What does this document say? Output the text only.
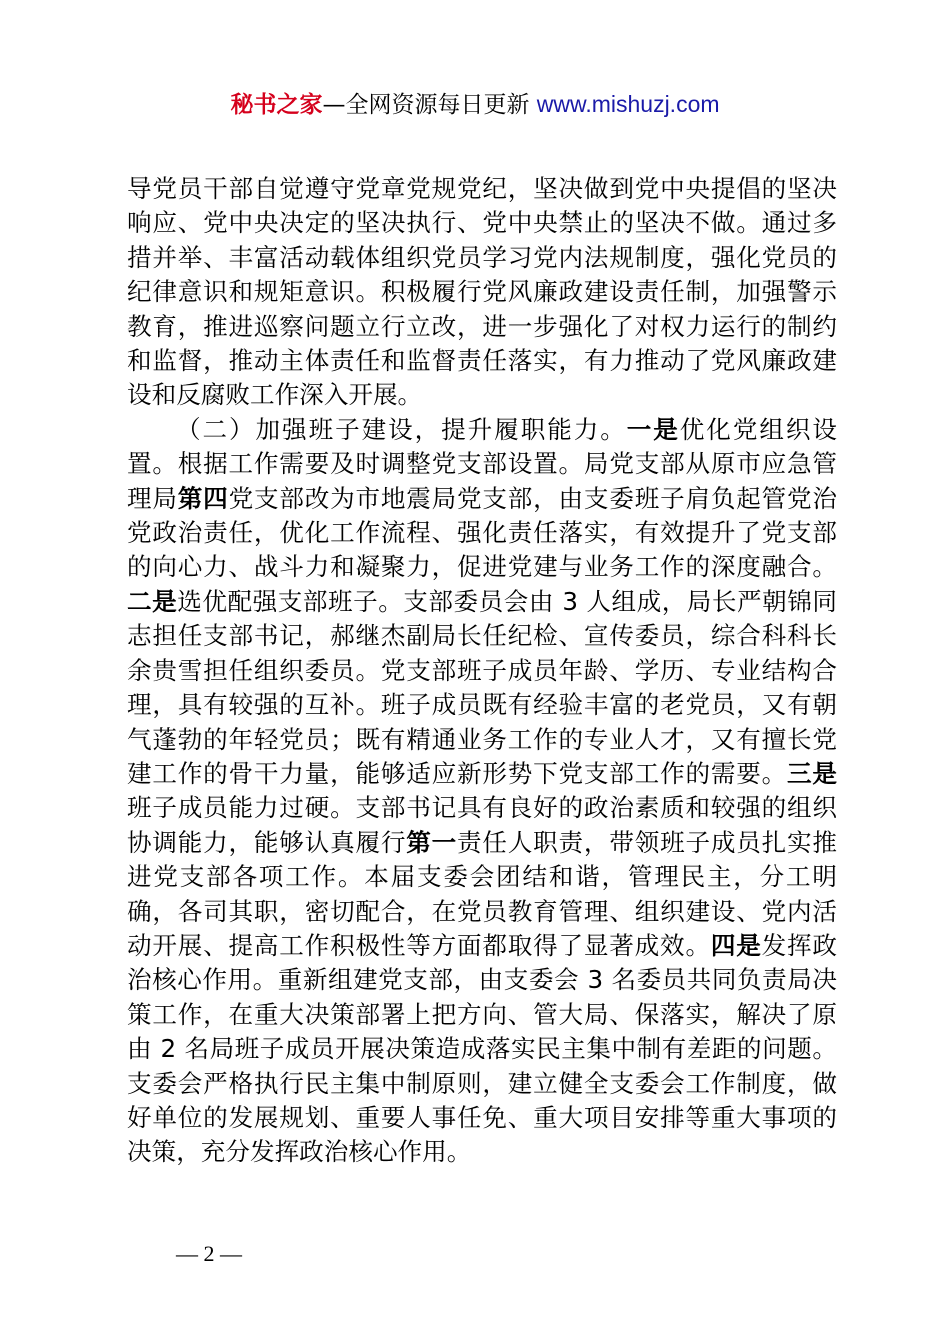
秘书之家—全网资源每日更新 www.mishuzj.com

导党员干部自觉遵守党章党规党纪，坚决做到党中央提倡的坚决响应、党中央决定的坚决执行、党中央禁止的坚决不做。通过多措并举、丰富活动载体组织党员学习党内法规制度，强化党员的纪律意识和规矩意识。积极履行党风廉政建设责任制，加强警示教育，推进巡察问题立行立改，进一步强化了对权力运行的制约和监督，推动主体责任和监督责任落实，有力推动了党风廉政建设和反腐败工作深入开展。

（二）加强班子建设，提升履职能力。一是优化党组织设置。根据工作需要及时调整党支部设置。局党支部从原市应急管理局第四党支部改为市地震局党支部，由支委班子肩负起管党治党政治责任，优化工作流程、强化责任落实，有效提升了党支部的向心力、战斗力和凝聚力，促进党建与业务工作的深度融合。二是选优配强支部班子。支部委员会由 3 人组成，局长严朝锦同志担任支部书记，郝继杰副局长任纪检、宣传委员，综合科科长余贵雪担任组织委员。党支部班子成员年龄、学历、专业结构合理，具有较强的互补。班子成员既有经验丰富的老党员，又有朝气蓬勃的年轻党员；既有精通业务工作的专业人才，又有擅长党建工作的骨干力量，能够适应新形势下党支部工作的需要。三是班子成员能力过硬。支部书记具有良好的政治素质和较强的组织协调能力，能够认真履行第一责任人职责，带领班子成员扎实推进党支部各项工作。本届支委会团结和谐，管理民主，分工明确，各司其职，密切配合，在党员教育管理、组织建设、党内活动开展、提高工作积极性等方面都取得了显著成效。四是发挥政治核心作用。重新组建党支部，由支委会 3 名委员共同负责局决策工作，在重大决策部署上把方向、管大局、保落实，解决了原由 2 名局班子成员开展决策造成落实民主集中制有差距的问题。支委会严格执行民主集中制原则，建立健全支委会工作制度，做好单位的发展规划、重要人事任免、重大项目安排等重大事项的决策，充分发挥政治核心作用。

— 2 —
